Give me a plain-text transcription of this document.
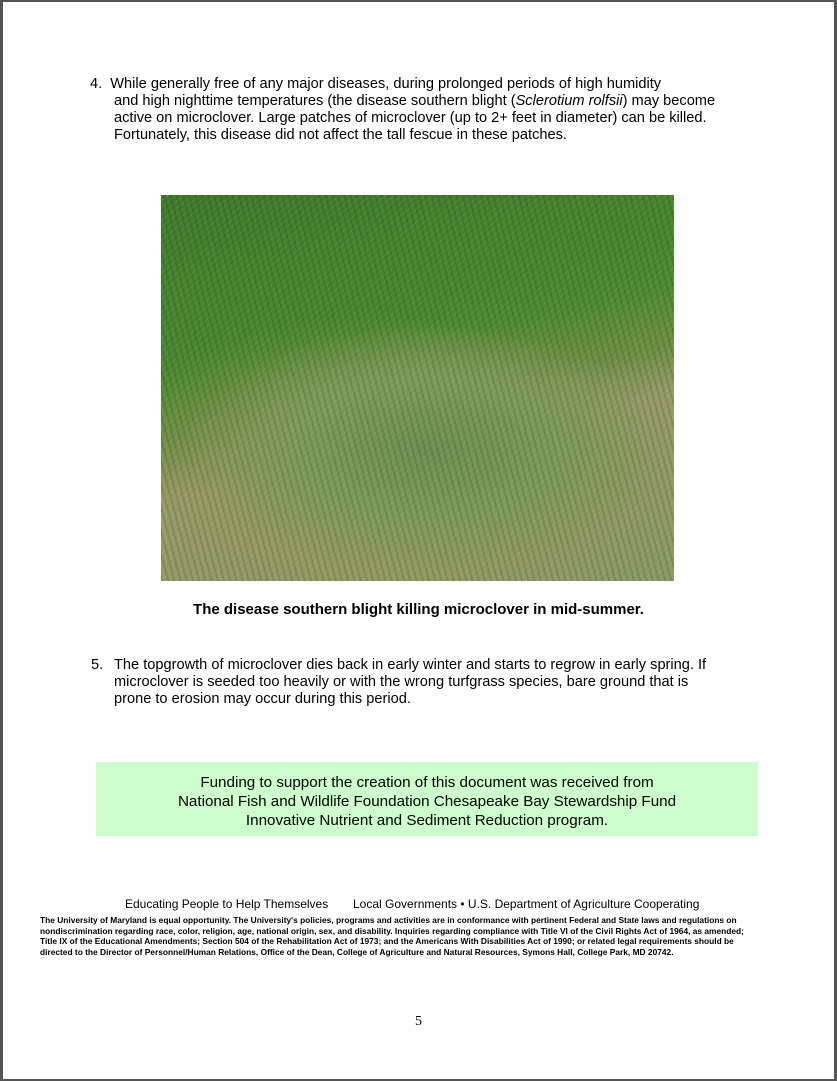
4. While generally free of any major diseases, during prolonged periods of high humidity
and high nighttime temperatures (the disease southern blight (Sclerotium rolfsii) may become
active on microclover. Large patches of microclover (up to 2+ feet in diameter) can be killed.
Fortunately, this disease did not affect the tall fescue in these patches.
The disease southern blight killing microclover in mid-summer.
5. The topgrowth of microclover dies back in early winter and starts to regrow in early spring. If
microclover is seeded too heavily or with the wrong turfgrass species, bare ground that is
prone to erosion may occur during this period.
Funding to support the creation of this document was received from
National Fish and Wildlife Foundation Chesapeake Bay Stewardship Fund
Innovative Nutrient and Sediment Reduction program.
Educating People to Help Themselves Local Governments • U.S. Department of Agriculture Cooperating
The University of Maryland is equal opportunity. The University's policies, programs and activities are in conformance with pertinent Federal and State laws and regulations on
nondiscrimination regarding race, color, religion, age, national origin, sex, and disability. Inquiries regarding compliance with Title VI of the Civil Rights Act of 1964, as amended;
Title IX of the Educational Amendments; Section 504 of the Rehabilitation Act of 1973; and the Americans With Disabilities Act of 1990; or related legal requirements should be
directed to the Director of Personnel/Human Relations, Office of the Dean, College of Agriculture and Natural Resources, Symons Hall, College Park, MD 20742.
5
